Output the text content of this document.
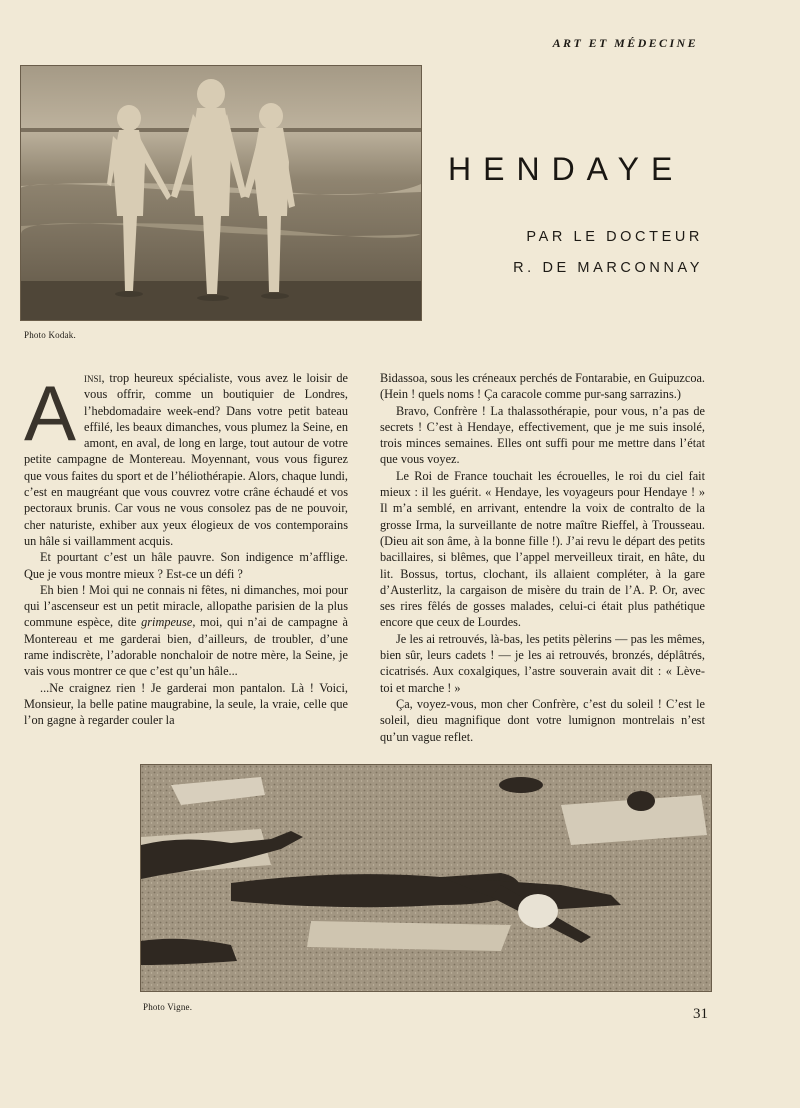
ART ET MÉDECINE
Photo Kodak.
HENDAYE
PAR LE DOCTEUR
R. DE MARCONNAY

Ainsi, trop heureux spécialiste, vous avez le loisir de vous offrir, comme un boutiquier de Londres, l’hebdomadaire week-end? Dans votre petit bateau effilé, les beaux dimanches, vous plumez la Seine, en amont, en aval, de long en large, tout autour de votre petite campagne de Montereau. Moyennant, vous vous figurez que vous faites du sport et de l’héliothérapie. Alors, chaque lundi, c’est en maugréant que vous couvrez votre crâne échaudé et vos pectoraux brunis. Car vous ne vous consolez pas de ne pouvoir, cher naturiste, exhiber aux yeux élogieux de vos contemporains un hâle si vaillamment acquis.

Et pourtant c’est un hâle pauvre. Son indigence m’afflige. Que je vous montre mieux ? Est-ce un défi ?

Eh bien ! Moi qui ne connais ni fêtes, ni dimanches, moi pour qui l’ascenseur est un petit miracle, allopathe parisien de la plus commune espèce, dite grimpeuse, moi, qui n’ai de campagne à Montereau et me garderai bien, d’ailleurs, de troubler, d’une rame indiscrète, l’adorable nonchaloir de notre mère, la Seine, je vais vous montrer ce que c’est qu’un hâle...

...Ne craignez rien ! Je garderai mon pantalon. Là ! Voici, Monsieur, la belle patine maugrabine, la seule, la vraie, celle que l’on gagne à regarder couler la

Bidassoa, sous les créneaux perchés de Fontarabie, en Guipuzcoa. (Hein ! quels noms ! Ça caracole comme pur-sang sarrazins.)

Bravo, Confrère ! La thalassothérapie, pour vous, n’a pas de secrets ! C’est à Hendaye, effectivement, que je me suis insolé, trois minces semaines. Elles ont suffi pour me mettre dans l’état que vous voyez.

Le Roi de France touchait les écrouelles, le roi du ciel fait mieux : il les guérit. « Hendaye, les voyageurs pour Hendaye ! » Il m’a semblé, en arrivant, entendre la voix de contralto de la grosse Irma, la surveillante de notre maître Rieffel, à Trousseau. (Dieu ait son âme, à la bonne fille !). J’ai revu le départ des petits bacillaires, si blêmes, que l’appel merveilleux tirait, en hâte, du lit. Bossus, tortus, clochant, ils allaient compléter, à la gare d’Austerlitz, la cargaison de misère du train de l’A. P. Or, avec ses rires fêlés de gosses malades, celui-ci était plus pathétique encore que ceux de Lourdes.

Je les ai retrouvés, là-bas, les petits pèlerins — pas les mêmes, bien sûr, leurs cadets ! — je les ai retrouvés, bronzés, déplâtrés, cicatrisés. Aux coxalgiques, l’astre souverain avait dit : « Lève-toi et marche ! »

Ça, voyez-vous, mon cher Confrère, c’est du soleil ! C’est le soleil, dieu magnifique dont votre lumignon montrelais n’est qu’un vague reflet.

Photo Vigne.	31
